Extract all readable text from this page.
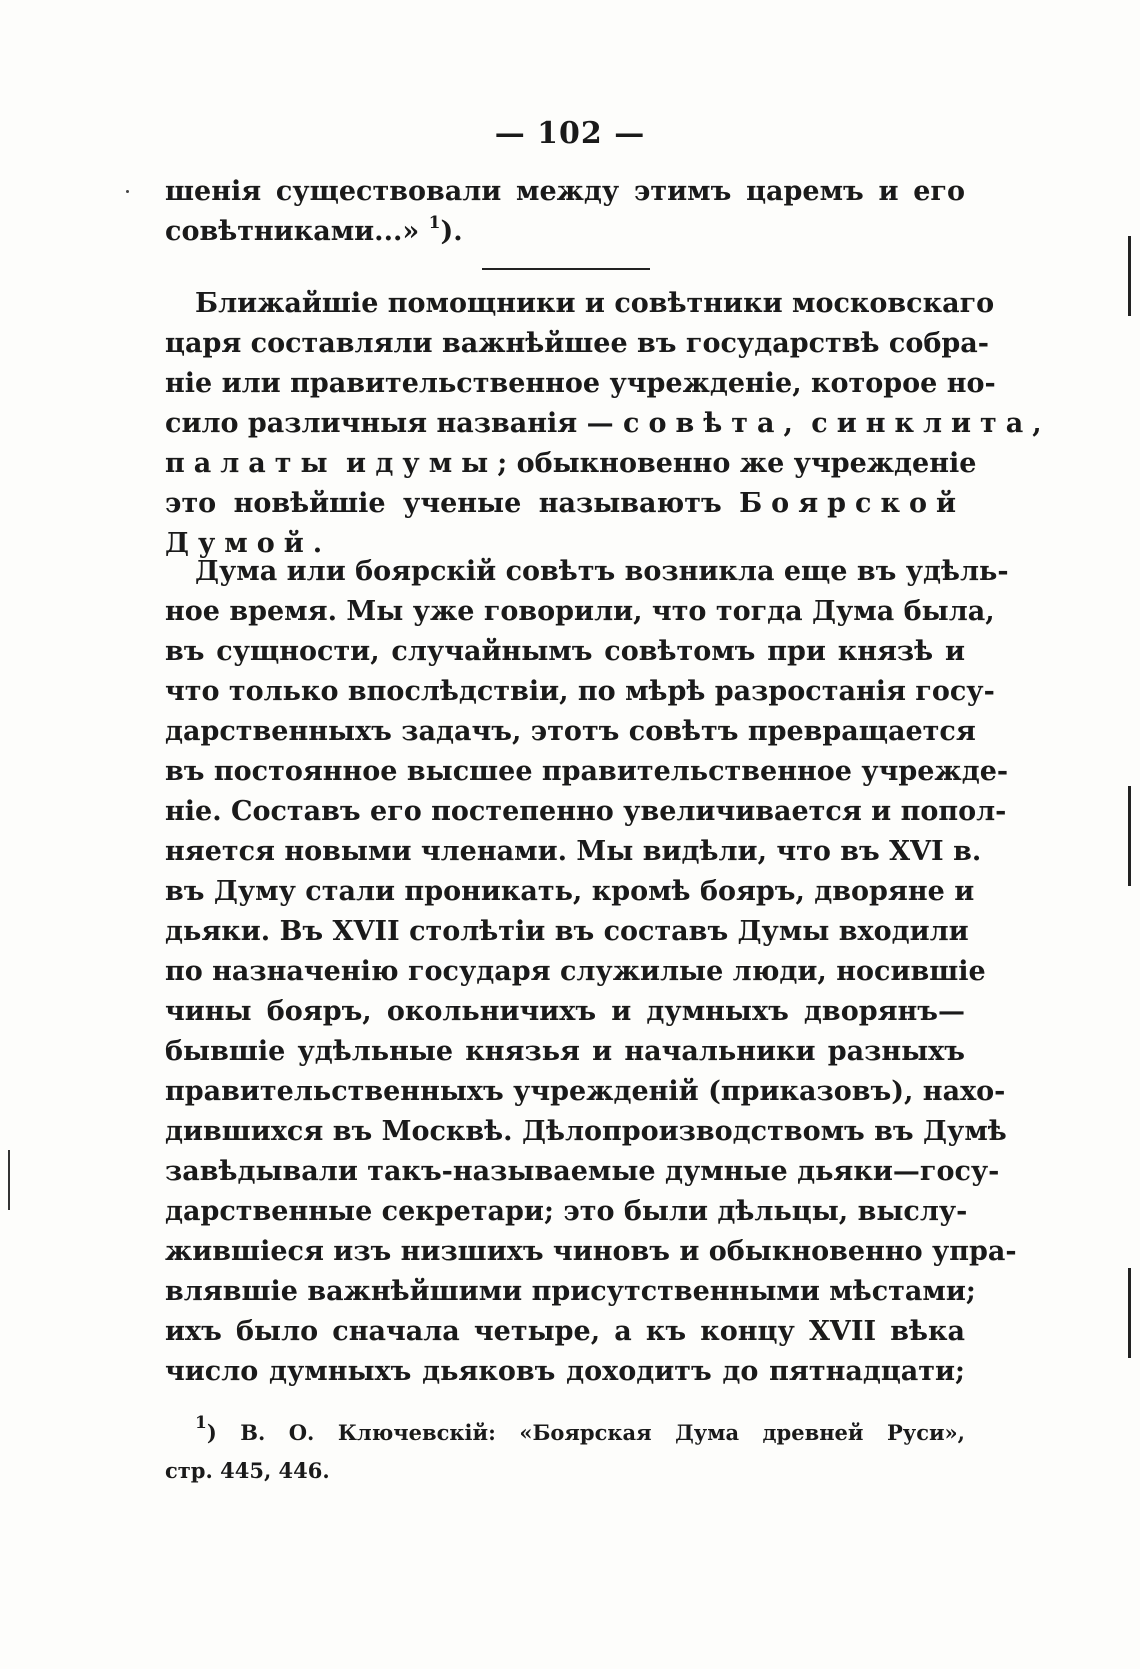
— 102 —
шенія существовали между этимъ царемъ и его
совѣтниками...» $^1$).
Ближайшіе помощники и совѣтники московскаго
царя составляли важнѣйшее въ государствѣ собра-
ніе или правительственное учрежденіе, которое но-
сило различныя названія — совѣта, синклита,
палаты и думы; обыкновенно же учрежденіе
это новѣйшіе ученые называютъ Боярской
Думой.
Дума или боярскій совѣтъ возникла еще въ удѣль-
ное время. Мы уже говорили, что тогда Дума была,
въ сущности, случайнымъ совѣтомъ при князѣ и
что только впослѣдствіи, по мѣрѣ разростанія госу-
дарственныхъ задачъ, этотъ совѣтъ превращается
въ постоянное высшее правительственное учрежде-
ніе. Составъ его постепенно увеличивается и попол-
няется новыми членами. Мы видѣли, что въ XVI в.
въ Думу стали проникать, кромѣ бояръ, дворяне и
дьяки. Въ XVII столѣтіи въ составъ Думы входили
по назначенію государя служилые люди, носившіе
чины бояръ, окольничихъ и думныхъ дворянъ—
бывшіе удѣльные князья и начальники разныхъ
правительственныхъ учрежденій (приказовъ), нахо-
дившихся въ Москвѣ. Дѣлопроизводствомъ въ Думѣ
завѣдывали такъ-называемые думные дьяки—госу-
дарственные секретари; это были дѣльцы, выслу-
жившіеся изъ низшихъ чиновъ и обыкновенно упра-
влявшіе важнѣйшими присутственными мѣстами;
ихъ было сначала четыре, а къ концу XVII вѣка
число думныхъ дьяковъ доходитъ до пятнадцати;
$^1$) В. О. Ключевскій: «Боярская Дума древней Руси»,
стр. 445, 446.
